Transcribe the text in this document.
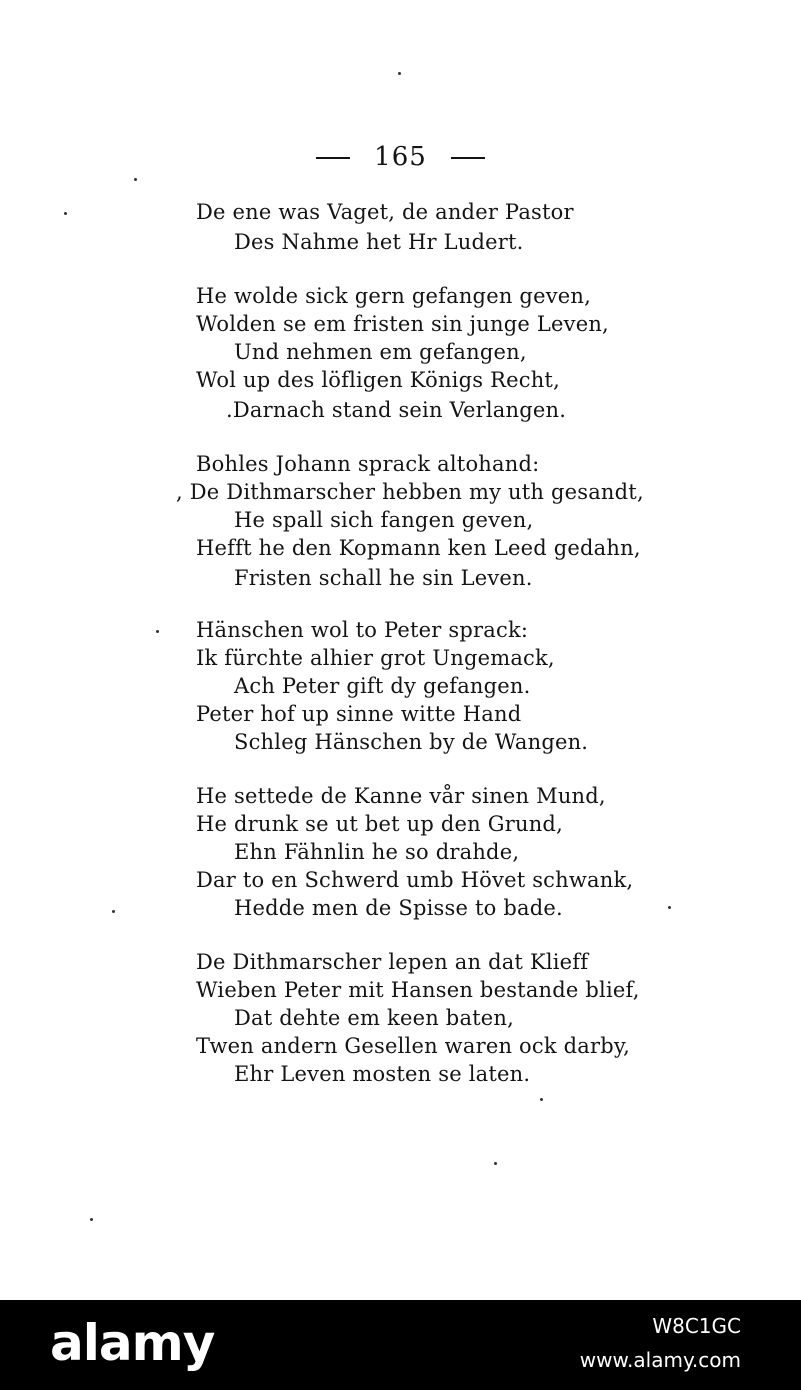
165
De ene was Vaget, de ander Pastor
Des Nahme het Hr Ludert.
He wolde sick gern gefangen geven,
Wolden se em fristen sin junge Leven,
Und nehmen em gefangen,
Wol up des löfligen Königs Recht,
.Darnach stand sein Verlangen.
Bohles Johann sprack altohand:
, De Dithmarscher hebben my uth gesandt,
He spall sich fangen geven,
Hefft he den Kopmann ken Leed gedahn,
Fristen schall he sin Leven.
Hänschen wol to Peter sprack:
Ik fürchte alhier grot Ungemack,
Ach Peter gift dy gefangen.
Peter hof up sinne witte Hand
Schleg Hänschen by de Wangen.
He settede de Kanne vår sinen Mund,
He drunk se ut bet up den Grund,
Ehn Fähnlin he so drahde,
Dar to en Schwerd umb Hövet schwank,
Hedde men de Spisse to bade.
De Dithmarscher lepen an dat Klieff
Wieben Peter mit Hansen bestande blief,
Dat dehte em keen baten,
Twen andern Gesellen waren ock darby,
Ehr Leven mosten se laten.
alamy	W8C1GC
www.alamy.com
